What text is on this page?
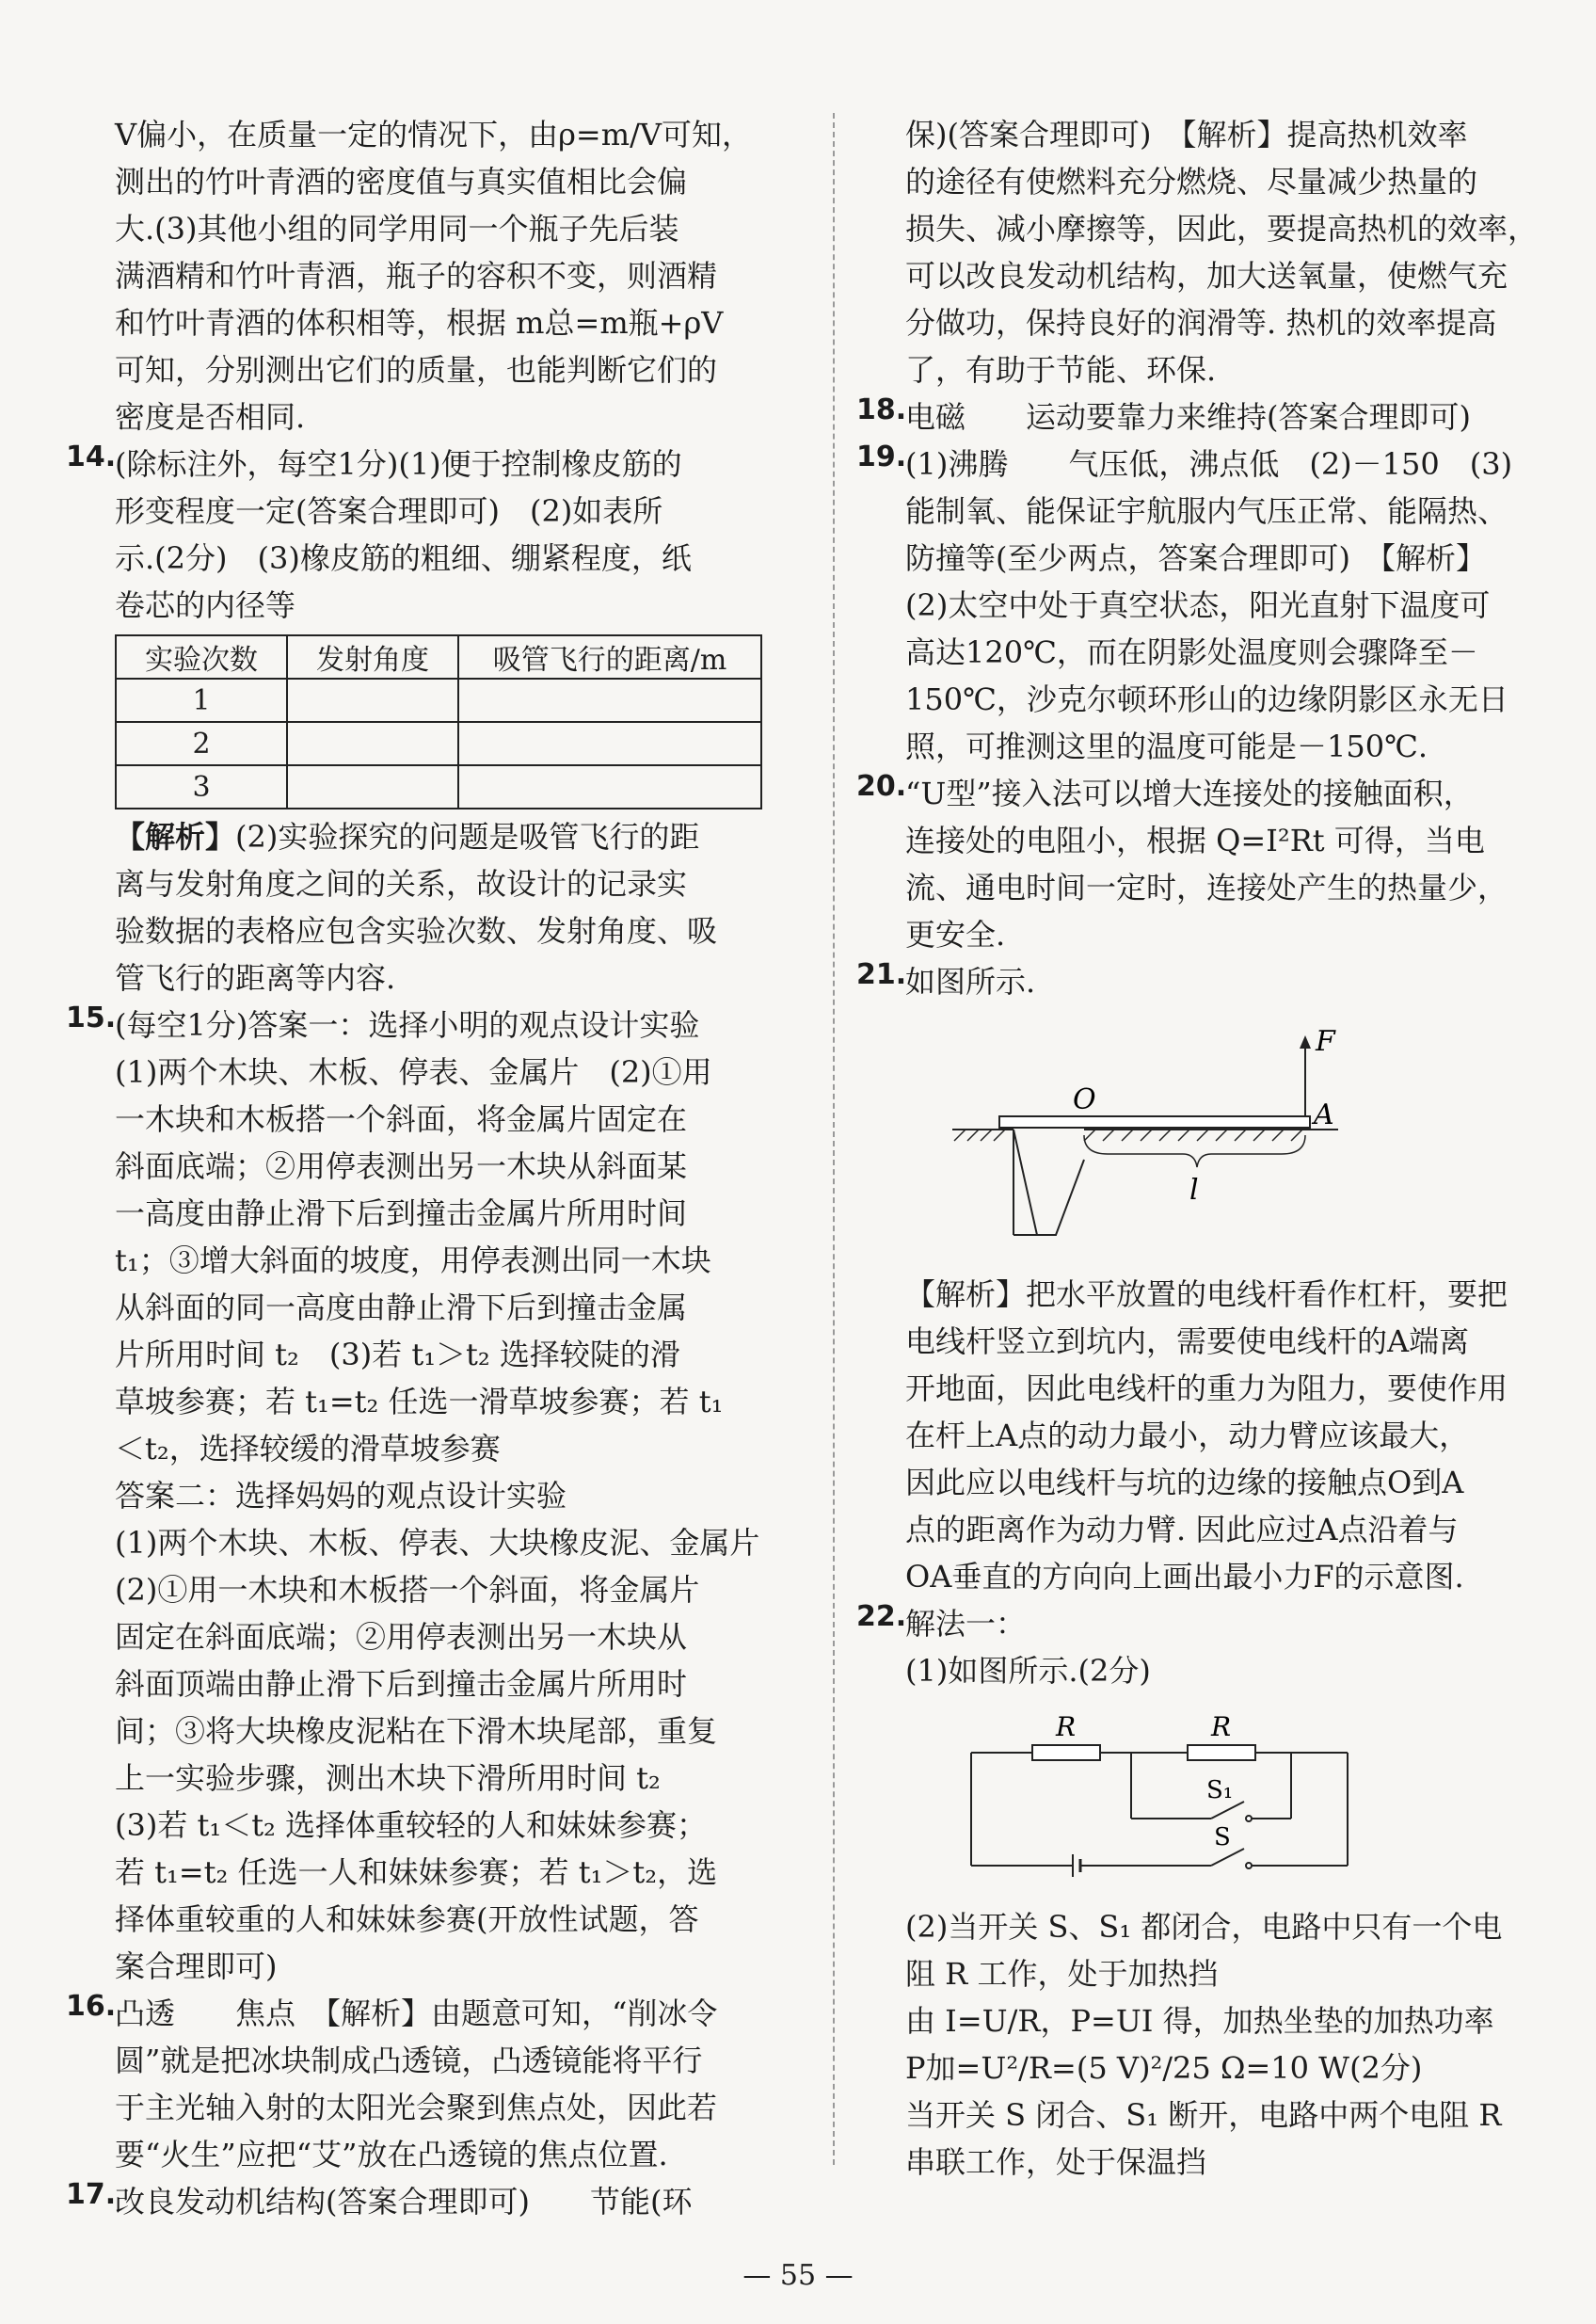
V偏小，在质量一定的情况下，由ρ=m/V可知，

测出的竹叶青酒的密度值与真实值相比会偏

大.(3)其他小组的同学用同一个瓶子先后装

满酒精和竹叶青酒，瓶子的容积不变，则酒精

和竹叶青酒的体积相等，根据 m总=m瓶+ρV

可知，分别测出它们的质量，也能判断它们的

密度是否相同.

14.

(除标注外，每空1分)(1)便于控制橡皮筋的

形变程度一定(答案合理即可)　(2)如表所

示.(2分)　(3)橡皮筋的粗细、绷紧程度，纸

卷芯的内径等

实验次数	发射角度	吸管飞行的距离/m
1		
2		
3		

【解析】(2)实验探究的问题是吸管飞行的距

离与发射角度之间的关系，故设计的记录实

验数据的表格应包含实验次数、发射角度、吸

管飞行的距离等内容.

15.

(每空1分)答案一：选择小明的观点设计实验

(1)两个木块、木板、停表、金属片　(2)①用

一木块和木板搭一个斜面，将金属片固定在

斜面底端；②用停表测出另一木块从斜面某

一高度由静止滑下后到撞击金属片所用时间

t₁；③增大斜面的坡度，用停表测出同一木块

从斜面的同一高度由静止滑下后到撞击金属

片所用时间 t₂　(3)若 t₁＞t₂ 选择较陡的滑

草坡参赛；若 t₁=t₂ 任选一滑草坡参赛；若 t₁

＜t₂，选择较缓的滑草坡参赛

答案二：选择妈妈的观点设计实验

(1)两个木块、木板、停表、大块橡皮泥、金属片

(2)①用一木块和木板搭一个斜面，将金属片

固定在斜面底端；②用停表测出另一木块从

斜面顶端由静止滑下后到撞击金属片所用时

间；③将大块橡皮泥粘在下滑木块尾部，重复

上一实验步骤，测出木块下滑所用时间 t₂

(3)若 t₁＜t₂ 选择体重较轻的人和妹妹参赛；

若 t₁=t₂ 任选一人和妹妹参赛；若 t₁＞t₂，选

择体重较重的人和妹妹参赛(开放性试题，答

案合理即可)

16.

凸透　　焦点　【解析】由题意可知，“削冰令

圆”就是把冰块制成凸透镜，凸透镜能将平行

于主光轴入射的太阳光会聚到焦点处，因此若

要“火生”应把“艾”放在凸透镜的焦点位置.

17.

改良发动机结构(答案合理即可)　　节能(环

保)(答案合理即可)　【解析】提高热机效率

的途径有使燃料充分燃烧、尽量减少热量的

损失、减小摩擦等，因此，要提高热机的效率，

可以改良发动机结构，加大送氧量，使燃气充

分做功，保持良好的润滑等. 热机的效率提高

了，有助于节能、环保.

18.

电磁　　运动要靠力来维持(答案合理即可)

19.

(1)沸腾　　气压低，沸点低　(2)－150　(3)

能制氧、能保证宇航服内气压正常、能隔热、

防撞等(至少两点，答案合理即可)　【解析】

(2)太空中处于真空状态，阳光直射下温度可

高达120℃，而在阴影处温度则会骤降至－

150℃，沙克尔顿环形山的边缘阴影区永无日

照，可推测这里的温度可能是－150℃.

20.

“U型”接入法可以增大连接处的接触面积，

连接处的电阻小，根据 Q=I²Rt 可得，当电

流、通电时间一定时，连接处产生的热量少，

更安全.

21.

如图所示.

F
O	A
l

【解析】把水平放置的电线杆看作杠杆，要把

电线杆竖立到坑内，需要使电线杆的A端离

开地面，因此电线杆的重力为阻力，要使作用

在杆上A点的动力最小，动力臂应该最大，

因此应以电线杆与坑的边缘的接触点O到A

点的距离作为动力臂. 因此应过A点沿着与

OA垂直的方向向上画出最小力F的示意图.

22.

解法一：

(1)如图所示.(2分)

R	R
S₁
S

(2)当开关 S、S₁ 都闭合，电路中只有一个电

阻 R 工作，处于加热挡

由 I=U/R，P=UI 得，加热坐垫的加热功率

P加=U²/R=(5 V)²/25 Ω=10 W(2分)

当开关 S 闭合、S₁ 断开，电路中两个电阻 R

串联工作，处于保温挡

— 55 —
